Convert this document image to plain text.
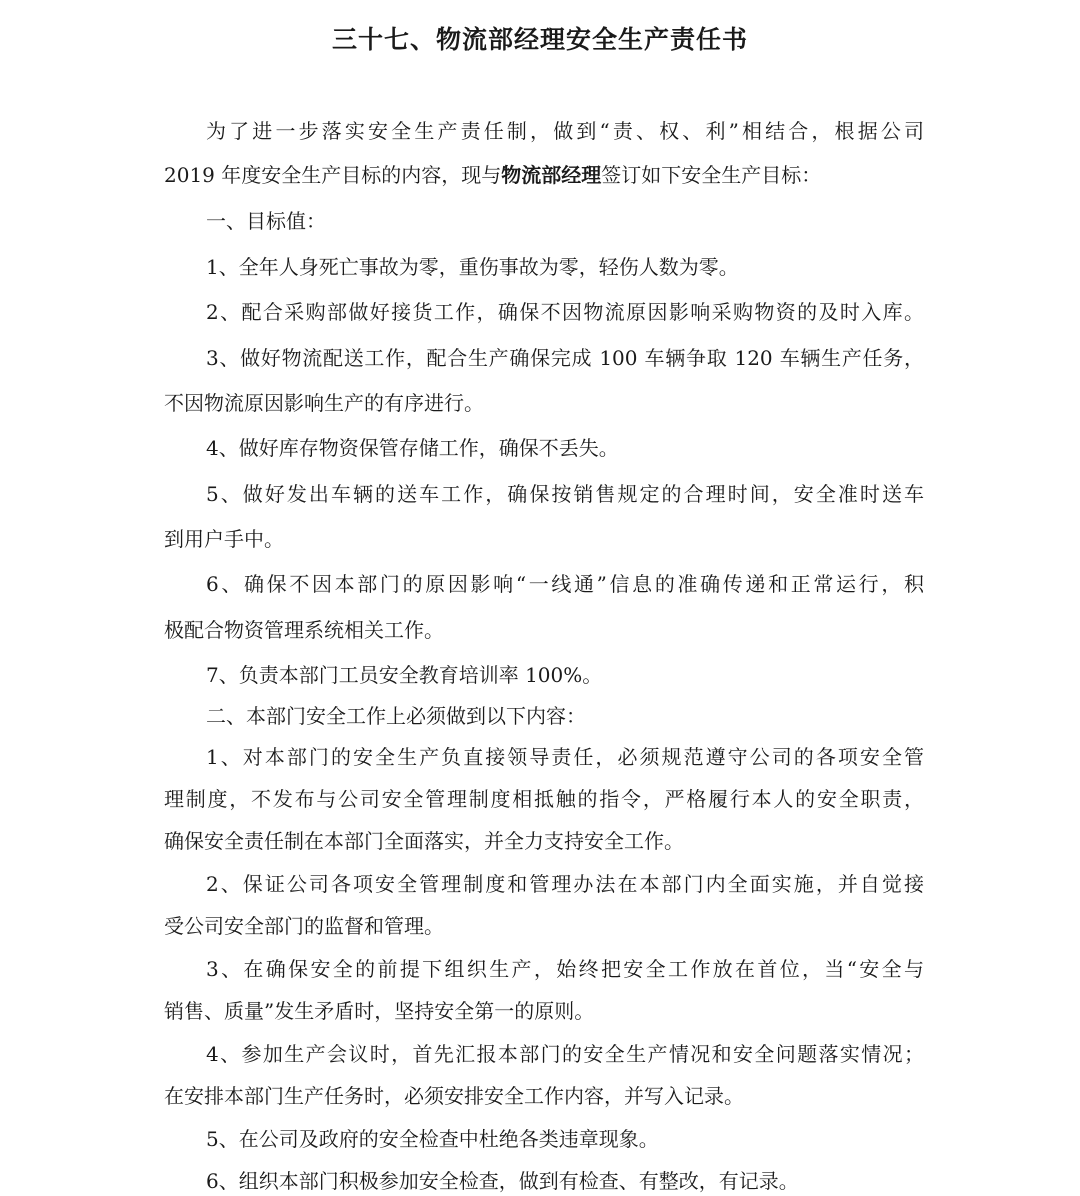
三十七、物流部经理安全生产责任书

为了进一步落实安全生产责任制，做到“责、权、利”相结合，根据公司

2019 年度安全生产目标的内容，现与物流部经理签订如下安全生产目标：

一、目标值：

1、全年人身死亡事故为零，重伤事故为零，轻伤人数为零。

2、配合采购部做好接货工作，确保不因物流原因影响采购物资的及时入库。

3、做好物流配送工作，配合生产确保完成 100 车辆争取 120 车辆生产任务，

不因物流原因影响生产的有序进行。

4、做好库存物资保管存储工作，确保不丢失。

5、做好发出车辆的送车工作，确保按销售规定的合理时间，安全准时送车

到用户手中。

6、确保不因本部门的原因影响“一线通”信息的准确传递和正常运行，积

极配合物资管理系统相关工作。

7、负责本部门工员安全教育培训率 100%。

二、本部门安全工作上必须做到以下内容：

1、对本部门的安全生产负直接领导责任，必须规范遵守公司的各项安全管

理制度，不发布与公司安全管理制度相抵触的指令，严格履行本人的安全职责，

确保安全责任制在本部门全面落实，并全力支持安全工作。

2、保证公司各项安全管理制度和管理办法在本部门内全面实施，并自觉接

受公司安全部门的监督和管理。

3、在确保安全的前提下组织生产，始终把安全工作放在首位，当“安全与

销售、质量”发生矛盾时，坚持安全第一的原则。

4、参加生产会议时，首先汇报本部门的安全生产情况和安全问题落实情况；

在安排本部门生产任务时，必须安排安全工作内容，并写入记录。

5、在公司及政府的安全检查中杜绝各类违章现象。

6、组织本部门积极参加安全检查，做到有检查、有整改，有记录。
